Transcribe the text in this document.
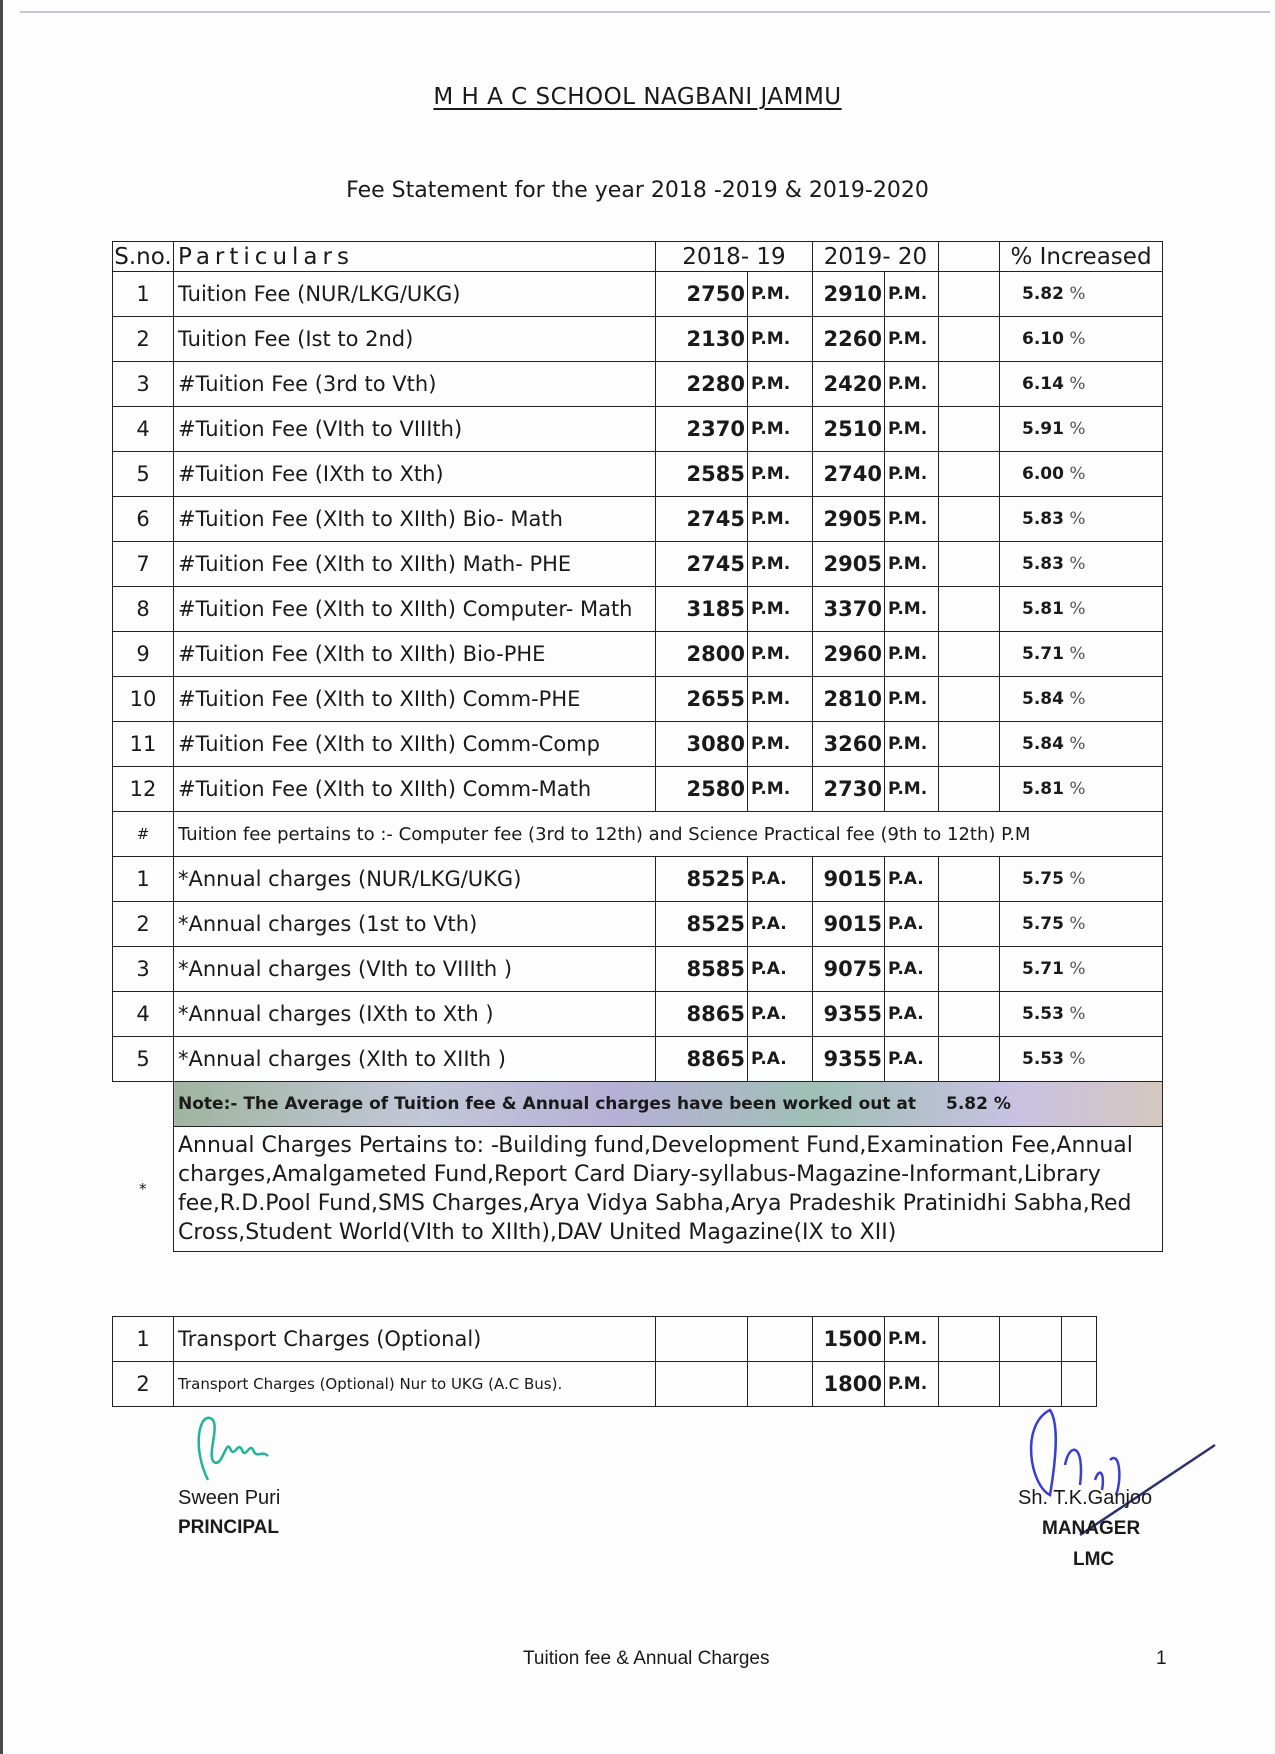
M H A C SCHOOL NAGBANI JAMMU
Fee Statement for the year 2018 -2019 & 2019-2020
S.no.	Particulars	2018- 19		2019- 20			% Increased
1	Tuition Fee (NUR/LKG/UKG)	2750	P.M.	2910	P.M.		5.82 %
2	Tuition Fee (Ist to 2nd)	2130	P.M.	2260	P.M.		6.10 %
3	#Tuition Fee (3rd to Vth)	2280	P.M.	2420	P.M.		6.14 %
4	#Tuition Fee (VIth to VIIIth)	2370	P.M.	2510	P.M.		5.91 %
5	#Tuition Fee (IXth to Xth)	2585	P.M.	2740	P.M.		6.00 %
6	#Tuition Fee (XIth to XIIth) Bio- Math	2745	P.M.	2905	P.M.		5.83 %
7	#Tuition Fee (XIth to XIIth) Math- PHE	2745	P.M.	2905	P.M.		5.83 %
8	#Tuition Fee (XIth to XIIth) Computer- Math	3185	P.M.	3370	P.M.		5.81 %
9	#Tuition Fee (XIth to XIIth) Bio-PHE	2800	P.M.	2960	P.M.		5.71 %
10	#Tuition Fee (XIth to XIIth) Comm-PHE	2655	P.M.	2810	P.M.		5.84 %
11	#Tuition Fee (XIth to XIIth) Comm-Comp	3080	P.M.	3260	P.M.		5.84 %
12	#Tuition Fee (XIth to XIIth) Comm-Math	2580	P.M.	2730	P.M.		5.81 %
#	Tuition fee pertains to :- Computer fee (3rd to 12th) and Science Practical fee (9th to 12th) P.M						
1	*Annual charges (NUR/LKG/UKG)	8525	P.A.	9015	P.A.		5.75 %
2	*Annual charges (1st to Vth)	8525	P.A.	9015	P.A.		5.75 %
3	*Annual charges (VIth to VIIIth )	8585	P.A.	9075	P.A.		5.71 %
4	*Annual charges (IXth to Xth )	8865	P.A.	9355	P.A.		5.53 %
5	*Annual charges (XIth to XIIth )	8865	P.A.	9355	P.A.		5.53 %
	Note:- The Average of Tuition fee & Annual charges have been worked out at 5.82 %						
*	Annual Charges Pertains to: -Building fund,Development Fund,Examination Fee,Annual charges,Amalgameted Fund,Report Card Diary-syllabus-Magazine-Informant,Library fee,R.D.Pool Fund,SMS Charges,Arya Vidya Sabha,Arya Pradeshik Pratinidhi Sabha,Red Cross,Student World(VIth to XIIth),DAV United Magazine(IX to XII)						
1	Transport Charges (Optional)			1500	P.M.			
2	Transport Charges (Optional) Nur to UKG (A.C Bus).			1800	P.M.			
Sween Puri
PRINCIPAL
Sh. T.K.Ganjoo
MANAGER
LMC
Tuition fee & Annual Charges	1
